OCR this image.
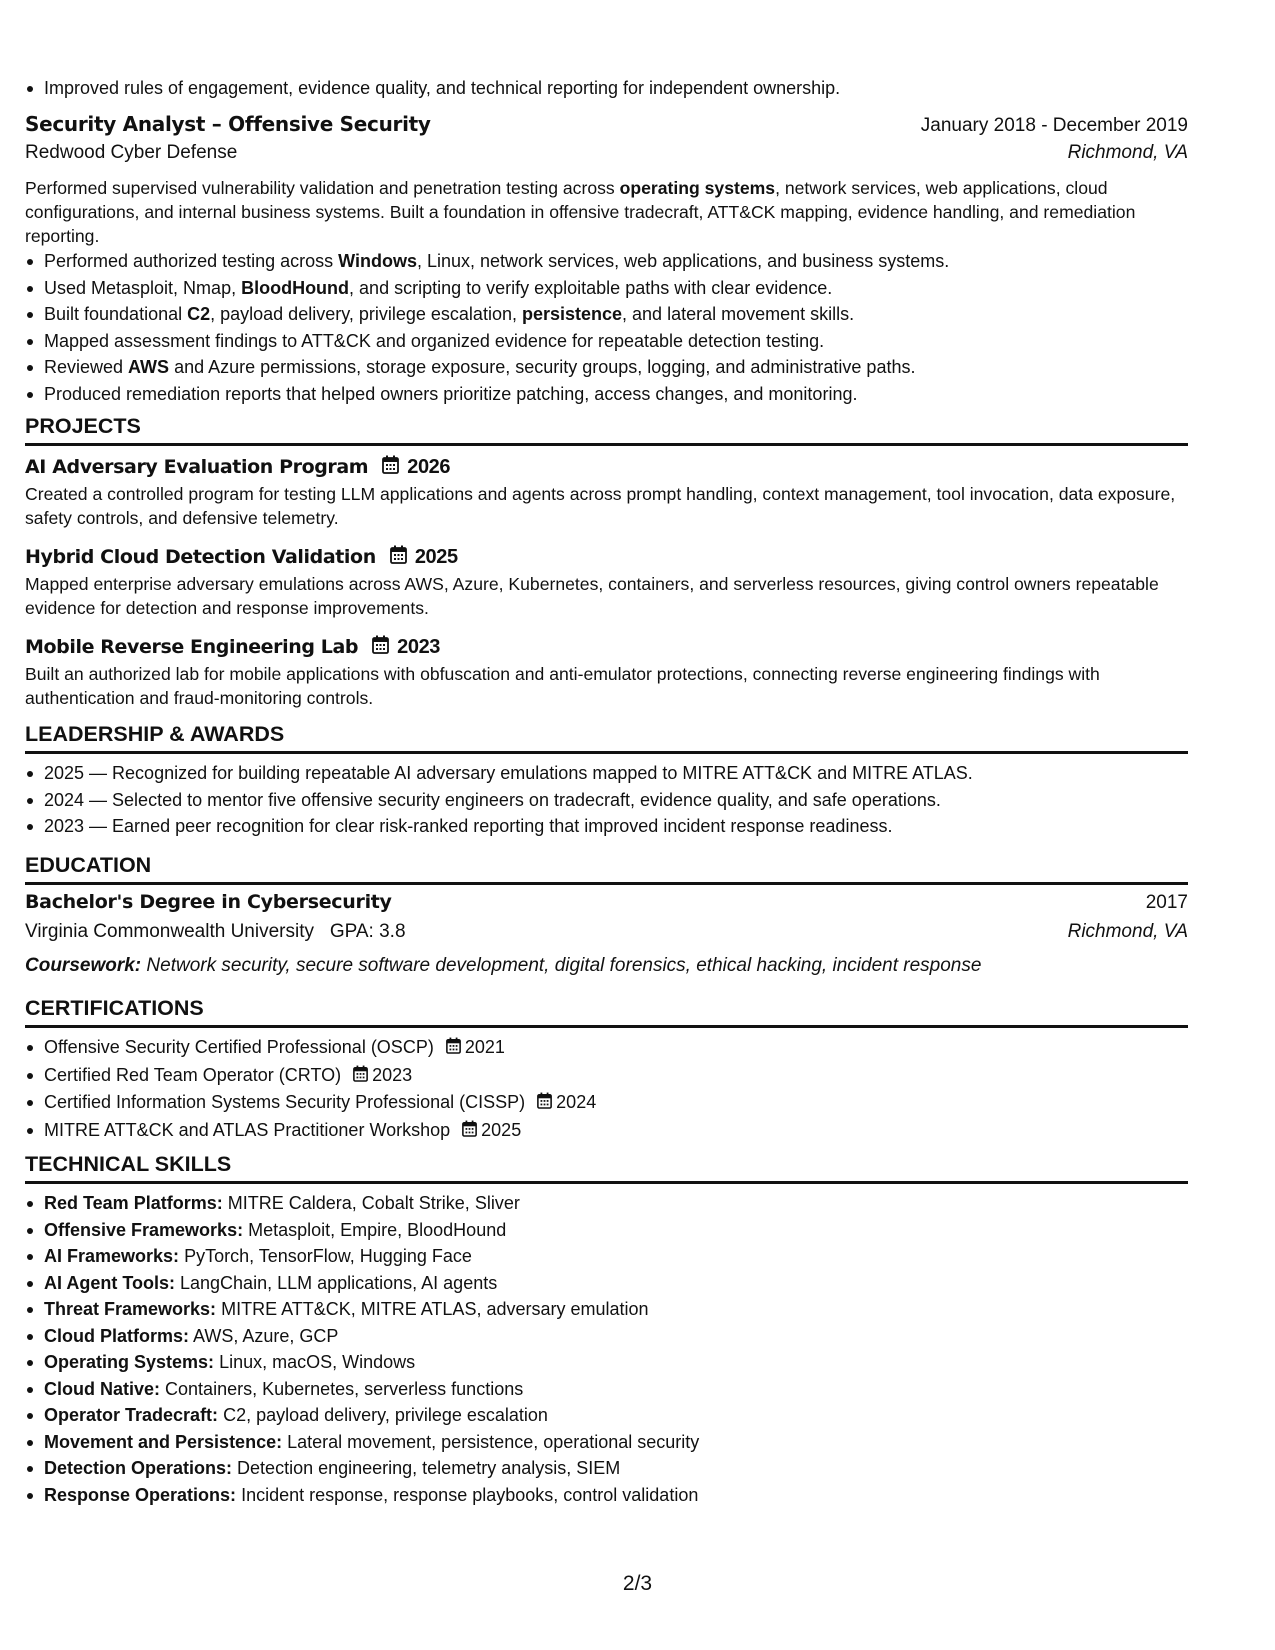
Improved rules of engagement, evidence quality, and technical reporting for independent ownership.
Security Analyst – Offensive Security	January 2018 - December 2019
Redwood Cyber Defense	Richmond, VA
Performed supervised vulnerability validation and penetration testing across operating systems, network services, web applications, cloud configurations, and internal business systems. Built a foundation in offensive tradecraft, ATT&CK mapping, evidence handling, and remediation reporting.
Performed authorized testing across Windows, Linux, network services, web applications, and business systems.
Used Metasploit, Nmap, BloodHound, and scripting to verify exploitable paths with clear evidence.
Built foundational C2, payload delivery, privilege escalation, persistence, and lateral movement skills.
Mapped assessment findings to ATT&CK and organized evidence for repeatable detection testing.
Reviewed AWS and Azure permissions, storage exposure, security groups, logging, and administrative paths.
Produced remediation reports that helped owners prioritize patching, access changes, and monitoring.
PROJECTS
AI Adversary Evaluation Program 2026
Created a controlled program for testing LLM applications and agents across prompt handling, context management, tool invocation, data exposure, safety controls, and defensive telemetry.
Hybrid Cloud Detection Validation 2025
Mapped enterprise adversary emulations across AWS, Azure, Kubernetes, containers, and serverless resources, giving control owners repeatable evidence for detection and response improvements.
Mobile Reverse Engineering Lab 2023
Built an authorized lab for mobile applications with obfuscation and anti-emulator protections, connecting reverse engineering findings with authentication and fraud-monitoring controls.
LEADERSHIP & AWARDS
2025 — Recognized for building repeatable AI adversary emulations mapped to MITRE ATT&CK and MITRE ATLAS.
2024 — Selected to mentor five offensive security engineers on tradecraft, evidence quality, and safe operations.
2023 — Earned peer recognition for clear risk-ranked reporting that improved incident response readiness.
EDUCATION
Bachelor's Degree in Cybersecurity	2017
Virginia Commonwealth University GPA: 3.8	Richmond, VA
Coursework: Network security, secure software development, digital forensics, ethical hacking, incident response
CERTIFICATIONS
Offensive Security Certified Professional (OSCP) 2021
Certified Red Team Operator (CRTO) 2023
Certified Information Systems Security Professional (CISSP) 2024
MITRE ATT&CK and ATLAS Practitioner Workshop 2025
TECHNICAL SKILLS
Red Team Platforms: MITRE Caldera, Cobalt Strike, Sliver
Offensive Frameworks: Metasploit, Empire, BloodHound
AI Frameworks: PyTorch, TensorFlow, Hugging Face
AI Agent Tools: LangChain, LLM applications, AI agents
Threat Frameworks: MITRE ATT&CK, MITRE ATLAS, adversary emulation
Cloud Platforms: AWS, Azure, GCP
Operating Systems: Linux, macOS, Windows
Cloud Native: Containers, Kubernetes, serverless functions
Operator Tradecraft: C2, payload delivery, privilege escalation
Movement and Persistence: Lateral movement, persistence, operational security
Detection Operations: Detection engineering, telemetry analysis, SIEM
Response Operations: Incident response, response playbooks, control validation
2/3
